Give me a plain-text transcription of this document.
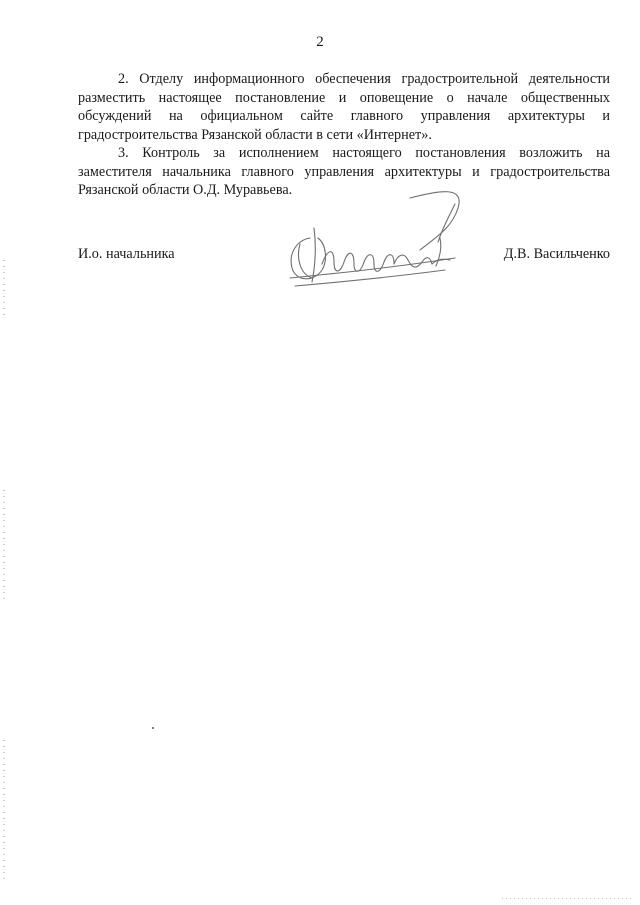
2

2. Отделу информационного обеспечения градостроительной деятельности разместить настоящее постановление и оповещение о начале общественных обсуждений на официальном сайте главного управления архитектуры и градостроительства Рязанской области в сети «Интернет».

3. Контроль за исполнением настоящего постановления возложить на заместителя начальника главного управления архитектуры и градостроительства Рязанской области О.Д. Муравьева.

И.о. начальника	Д.В. Васильченко
